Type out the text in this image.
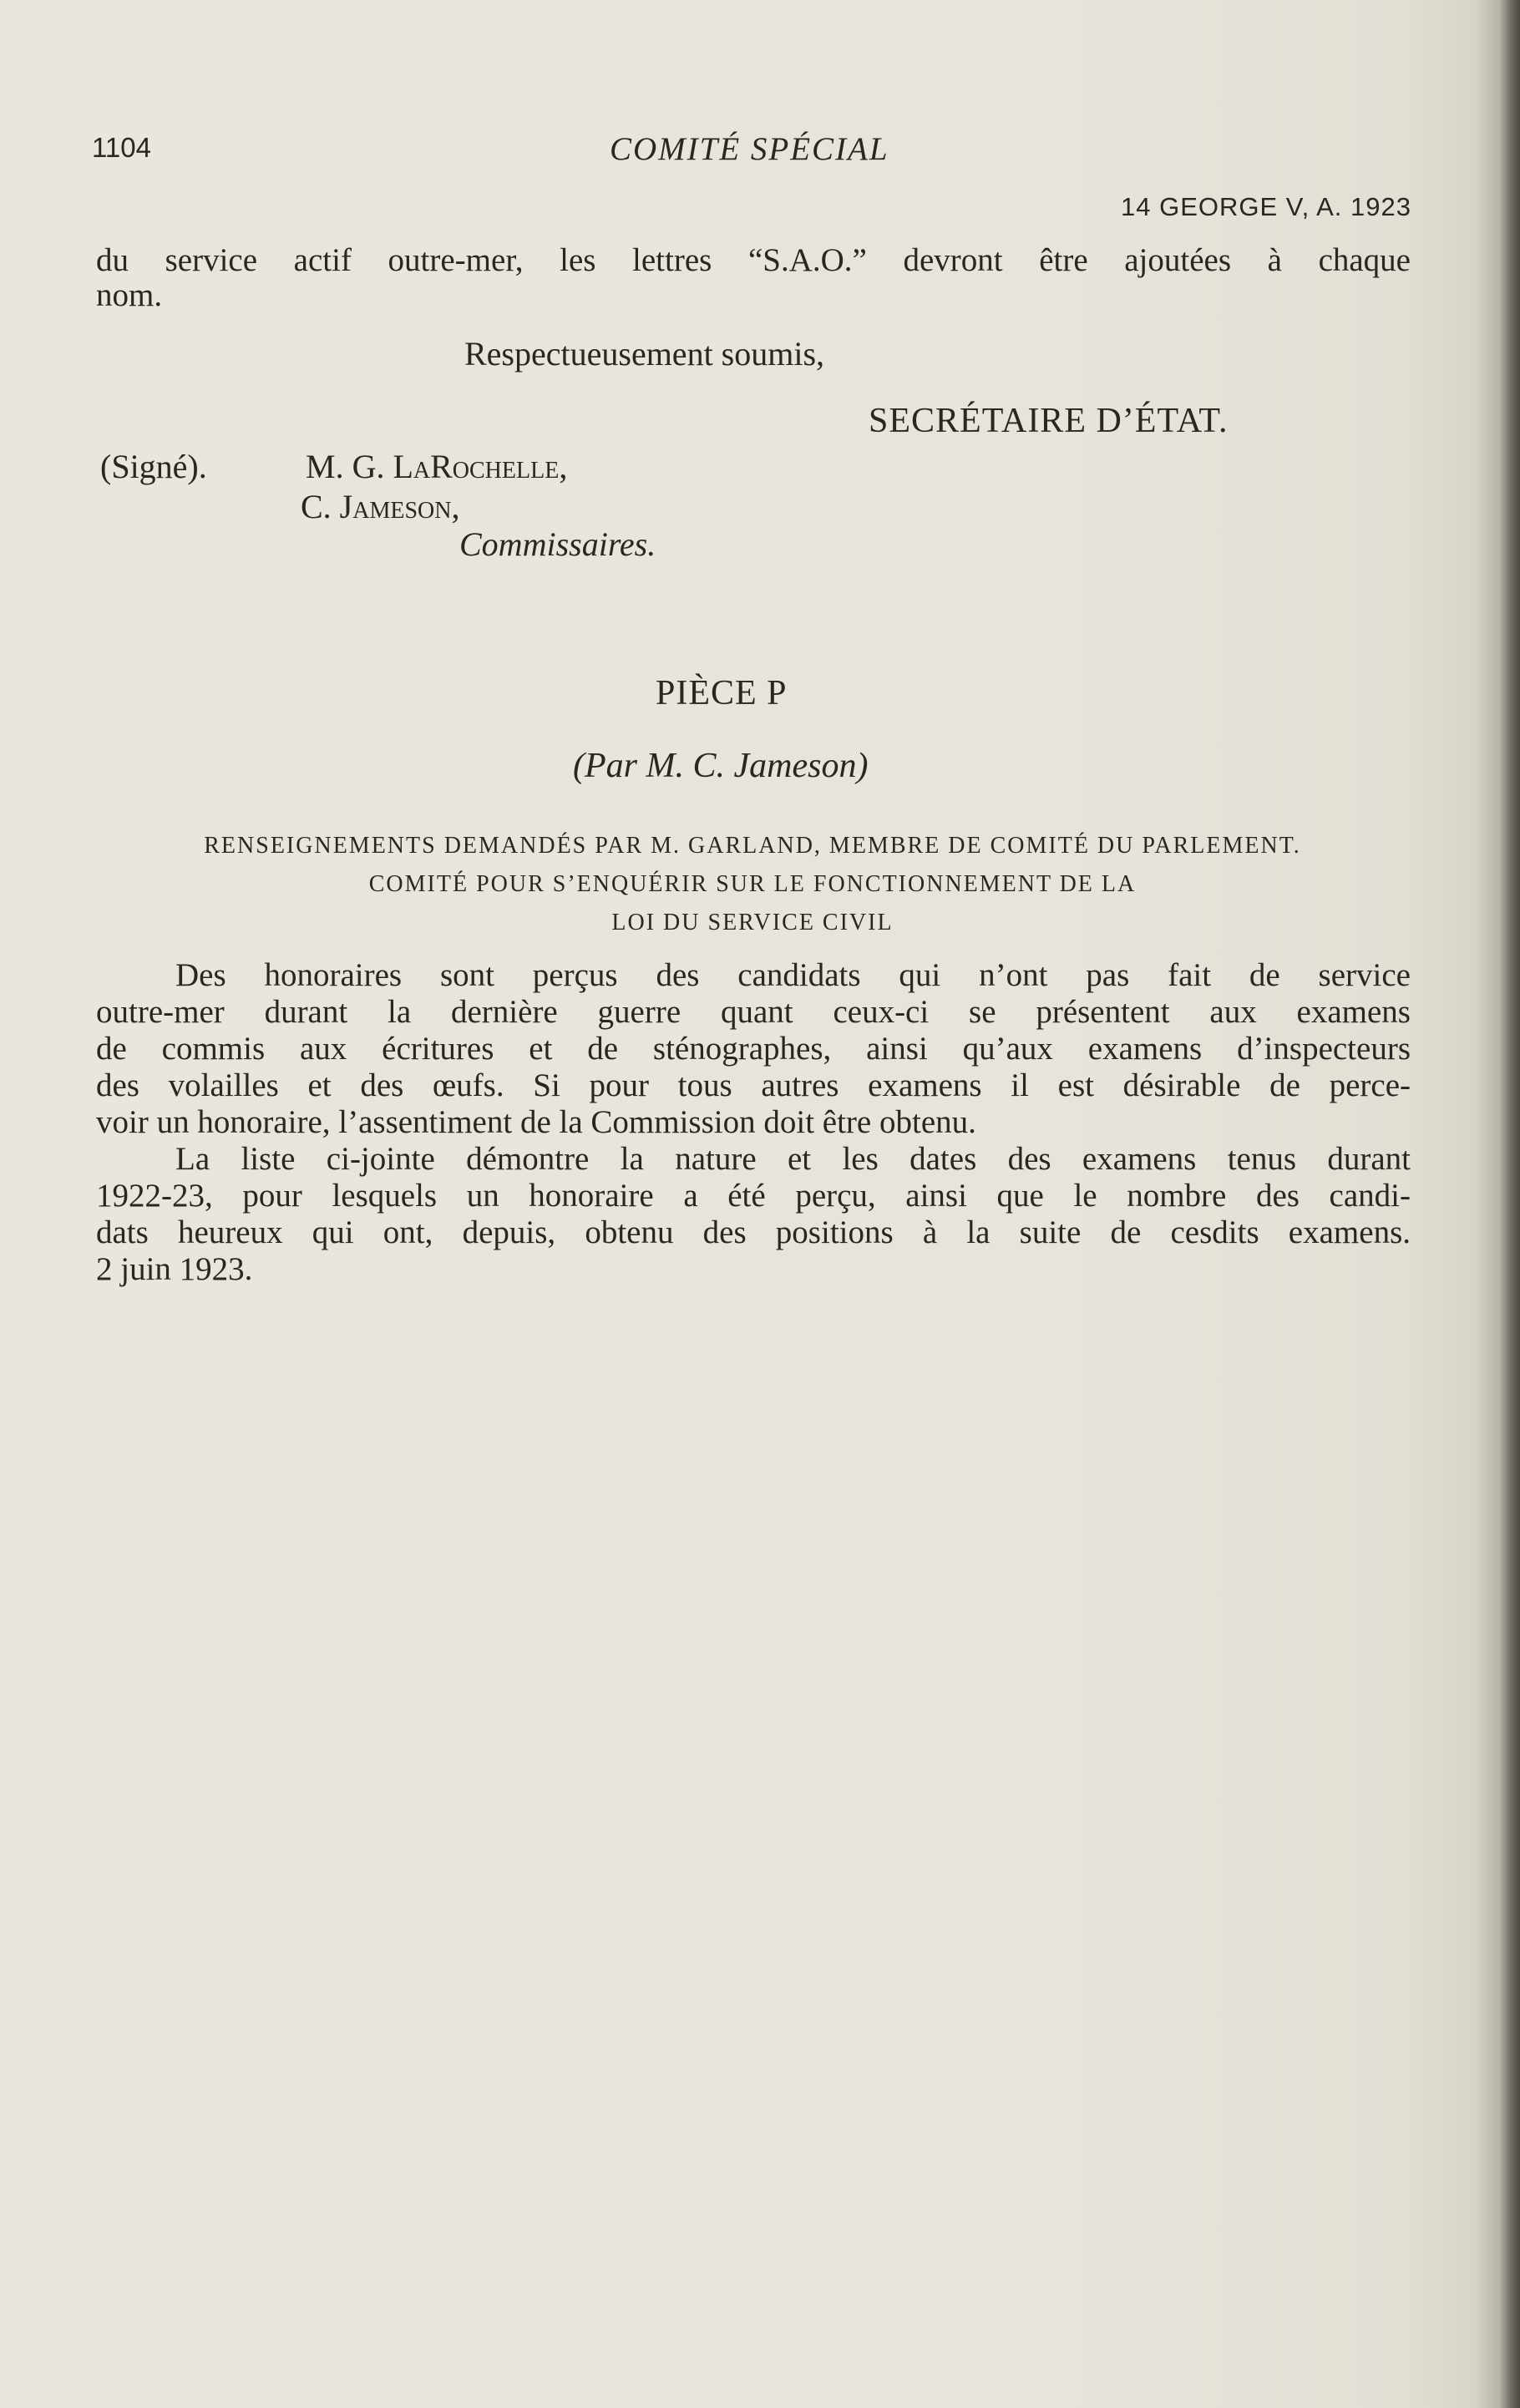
1104	COMITÉ SPÉCIAL
14 GEORGE V, A. 1923
du service actif outre-mer, les lettres “S.A.O.” devront être ajoutées à chaque
nom.
Respectueusement soumis,
SECRÉTAIRE D’ÉTAT.
(Signé).	M. G. LaRochelle,
C. Jameson,
Commissaires.
PIÈCE P
(Par M. C. Jameson)
RENSEIGNEMENTS DEMANDÉS PAR M. GARLAND, MEMBRE DE COMITÉ DU PARLEMENT.
COMITÉ POUR S’ENQUÉRIR SUR LE FONCTIONNEMENT DE LA
LOI DU SERVICE CIVIL
Des honoraires sont perçus des candidats qui n’ont pas fait de service
outre-mer durant la dernière guerre quant ceux-ci se présentent aux examens
de commis aux écritures et de sténographes, ainsi qu’aux examens d’inspecteurs
des volailles et des œufs. Si pour tous autres examens il est désirable de perce-
voir un honoraire, l’assentiment de la Commission doit être obtenu.
La liste ci-jointe démontre la nature et les dates des examens tenus durant
1922-23, pour lesquels un honoraire a été perçu, ainsi que le nombre des candi-
dats heureux qui ont, depuis, obtenu des positions à la suite de cesdits examens.
2 juin 1923.
